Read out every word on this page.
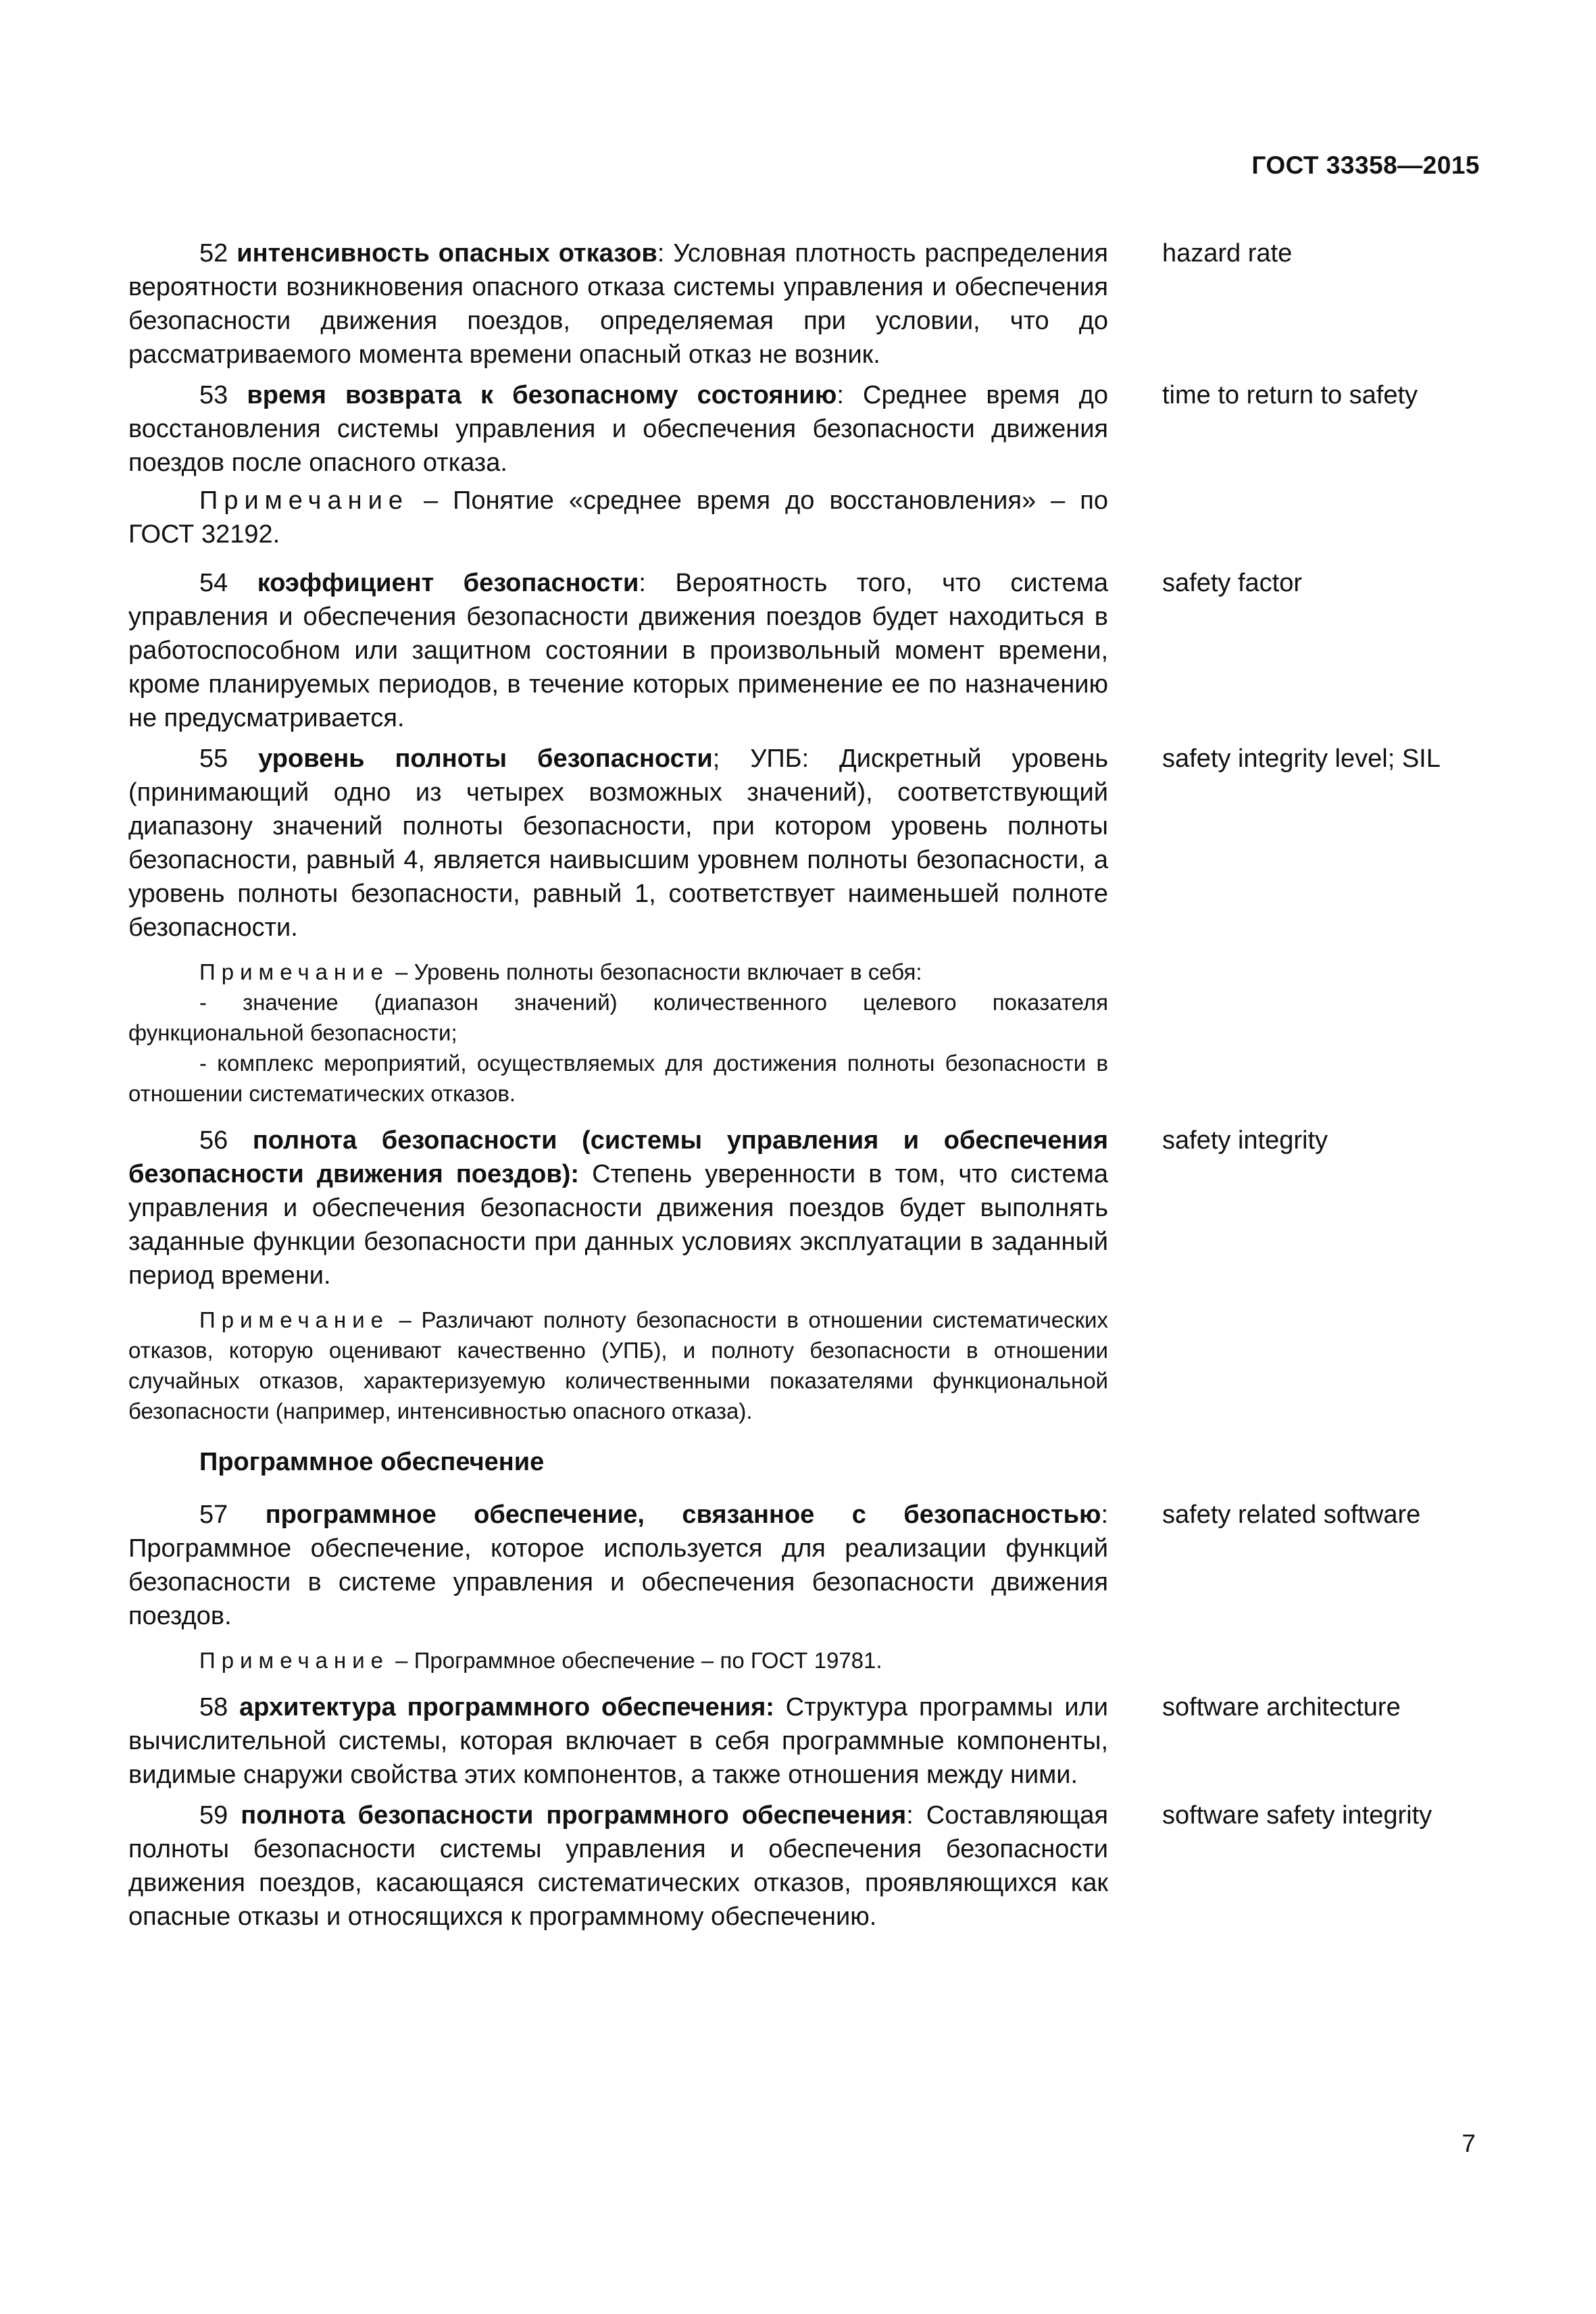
ГОСТ 33358—2015

52 интенсивность опасных отказов: Условная плотность распределения вероятности возникновения опасного отказа системы управления и обеспечения безопасности движения поездов, определяемая при условии, что до рассматриваемого момента времени опасный отказ не возник.

hazard rate

53 время возврата к безопасному состоянию: Среднее время до восстановления системы управления и обеспечения безопасности движения поездов после опасного отказа.

time to return to safety

Примечание – Понятие «среднее время до восстановления» – по ГОСТ 32192.

54 коэффициент безопасности: Вероятность того, что система управления и обеспечения безопасности движения поездов будет находиться в работоспособном или защитном состоянии в произвольный момент времени, кроме планируемых периодов, в течение которых применение ее по назначению не предусматривается.

safety factor

55 уровень полноты безопасности; УПБ: Дискретный уровень (принимающий одно из четырех возможных значений), соответствующий диапазону значений полноты безопасности, при котором уровень полноты безопасности, равный 4, является наивысшим уровнем полноты безопасности, а уровень полноты безопасности, равный 1, соответствует наименьшей полноте безопасности.

safety integrity level; SIL

Примечание – Уровень полноты безопасности включает в себя:

- значение (диапазон значений) количественного целевого показателя функциональной безопасности;

- комплекс мероприятий, осуществляемых для достижения полноты безопасности в отношении систематических отказов.

56 полнота безопасности (системы управления и обеспечения безопасности движения поездов): Степень уверенности в том, что система управления и обеспечения безопасности движения поездов будет выполнять заданные функции безопасности при данных условиях эксплуатации в заданный период времени.

safety integrity

Примечание – Различают полноту безопасности в отношении систематических отказов, которую оценивают качественно (УПБ), и полноту безопасности в отношении случайных отказов, характеризуемую количественными показателями функциональной безопасности (например, интенсивностью опасного отказа).

Программное обеспечение

57 программное обеспечение, связанное с безопасностью: Программное обеспечение, которое используется для реализации функций безопасности в системе управления и обеспечения безопасности движения поездов.

safety related software

Примечание – Программное обеспечение – по ГОСТ 19781.

58 архитектура программного обеспечения: Структура программы или вычислительной системы, которая включает в себя программные компоненты, видимые снаружи свойства этих компонентов, а также отношения между ними.

software architecture

59 полнота безопасности программного обеспечения: Составляющая полноты безопасности системы управления и обеспечения безопасности движения поездов, касающаяся систематических отказов, проявляющихся как опасные отказы и относящихся к программному обеспечению.

software safety integrity
7
